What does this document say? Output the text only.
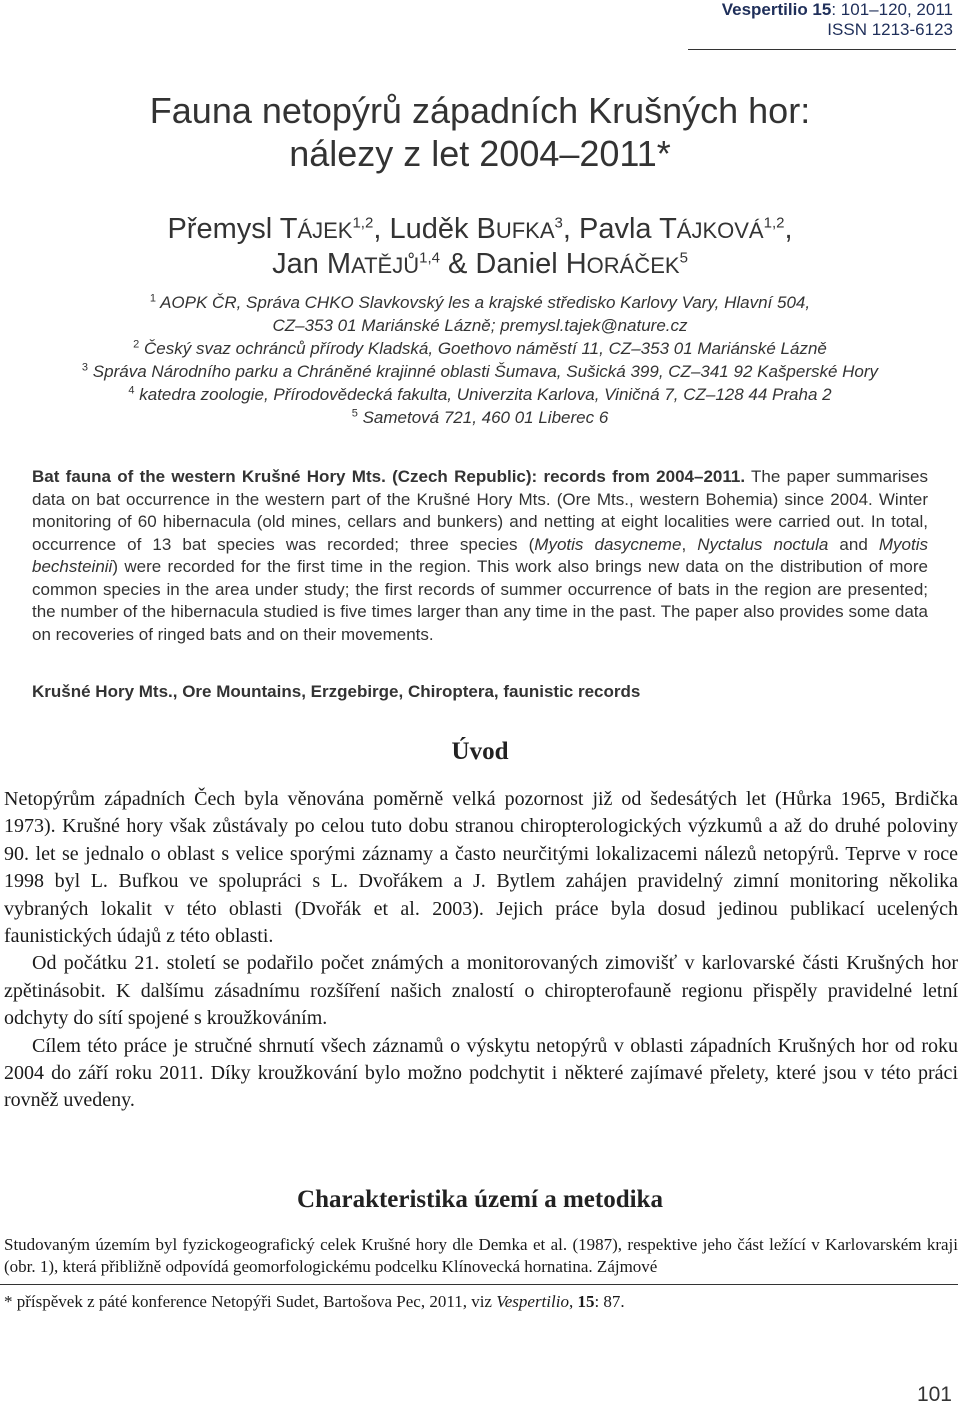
Vespertilio 15: 101–120, 2011
ISSN 1213-6123
Fauna netopýrů západních Krušných hor:
nálezy z let 2004–2011*
Přemysl TÁJEK$^{1,2}$, Luděk BUFKA$^3$, Pavla TÁJKOVÁ$^{1,2}$,
Jan MATĚJŮ$^{1,4}$ & Daniel HORÁČEK$^5$
$^1$ AOPK ČR, Správa CHKO Slavkovský les a krajské středisko Karlovy Vary, Hlavní 504,
CZ–353 01 Mariánské Lázně; premysl.tajek@nature.cz
$^2$ Český svaz ochránců přírody Kladská, Goethovo náměstí 11, CZ–353 01 Mariánské Lázně
$^3$ Správa Národního parku a Chráněné krajinné oblasti Šumava, Sušická 399, CZ–341 92 Kašperské Hory
$^4$ katedra zoologie, Přírodovědecká fakulta, Univerzita Karlova, Viničná 7, CZ–128 44 Praha 2
$^5$ Sametová 721, 460 01 Liberec 6
Bat fauna of the western Krušné Hory Mts. (Czech Republic): records from 2004–2011. The paper summarises data on bat occurrence in the western part of the Krušné Hory Mts. (Ore Mts., western Bohemia) since 2004. Winter monitoring of 60 hibernacula (old mines, cellars and bunkers) and netting at eight localities were carried out. In total, occurrence of 13 bat species was recorded; three species (Myotis dasycneme, Nyctalus noctula and Myotis bechsteinii) were recorded for the first time in the region. This work also brings new data on the distribution of more common species in the area under study; the first records of summer occurrence of bats in the region are presented; the number of the hibernacula studied is five times larger than any time in the past. The paper also provides some data on recoveries of ringed bats and on their movements.
Krušné Hory Mts., Ore Mountains, Erzgebirge, Chiroptera, faunistic records
Úvod

Netopýrům západních Čech byla věnována poměrně velká pozornost již od šedesátých let (Hůrka 1965, Brdička 1973). Krušné hory však zůstávaly po celou tuto dobu stranou chiropterologických výzkumů a až do druhé poloviny 90. let se jednalo o oblast s velice sporými záznamy a často neurčitými lokalizacemi nálezů netopýrů. Teprve v roce 1998 byl L. Bufkou ve spolupráci s L. Dvořákem a J. Bytlem zahájen pravidelný zimní monitoring několika vybraných lokalit v této oblasti (Dvořák et al. 2003). Jejich práce byla dosud jedinou publikací ucelených faunistických údajů z této oblasti.

Od počátku 21. století se podařilo počet známých a monitorovaných zimovišť v karlovarské části Krušných hor zpětinásobit. K dalšímu zásadnímu rozšíření našich znalostí o chiropterofauně regionu přispěly pravidelné letní odchyty do sítí spojené s kroužkováním.

Cílem této práce je stručné shrnutí všech záznamů o výskytu netopýrů v oblasti západních Krušných hor od roku 2004 do září roku 2011. Díky kroužkování bylo možno podchytit i některé zajímavé přelety, které jsou v této práci rovněž uvedeny.

Charakteristika území a metodika
Studovaným územím byl fyzickogeografický celek Krušné hory dle Demka et al. (1987), respektive jeho část ležící v Karlovarském kraji (obr. 1), která přibližně odpovídá geomorfologickému podcelku Klínovecká hornatina. Zájmové
* příspěvek z páté konference Netopýři Sudet, Bartošova Pec, 2011, viz Vespertilio, 15: 87.
101
